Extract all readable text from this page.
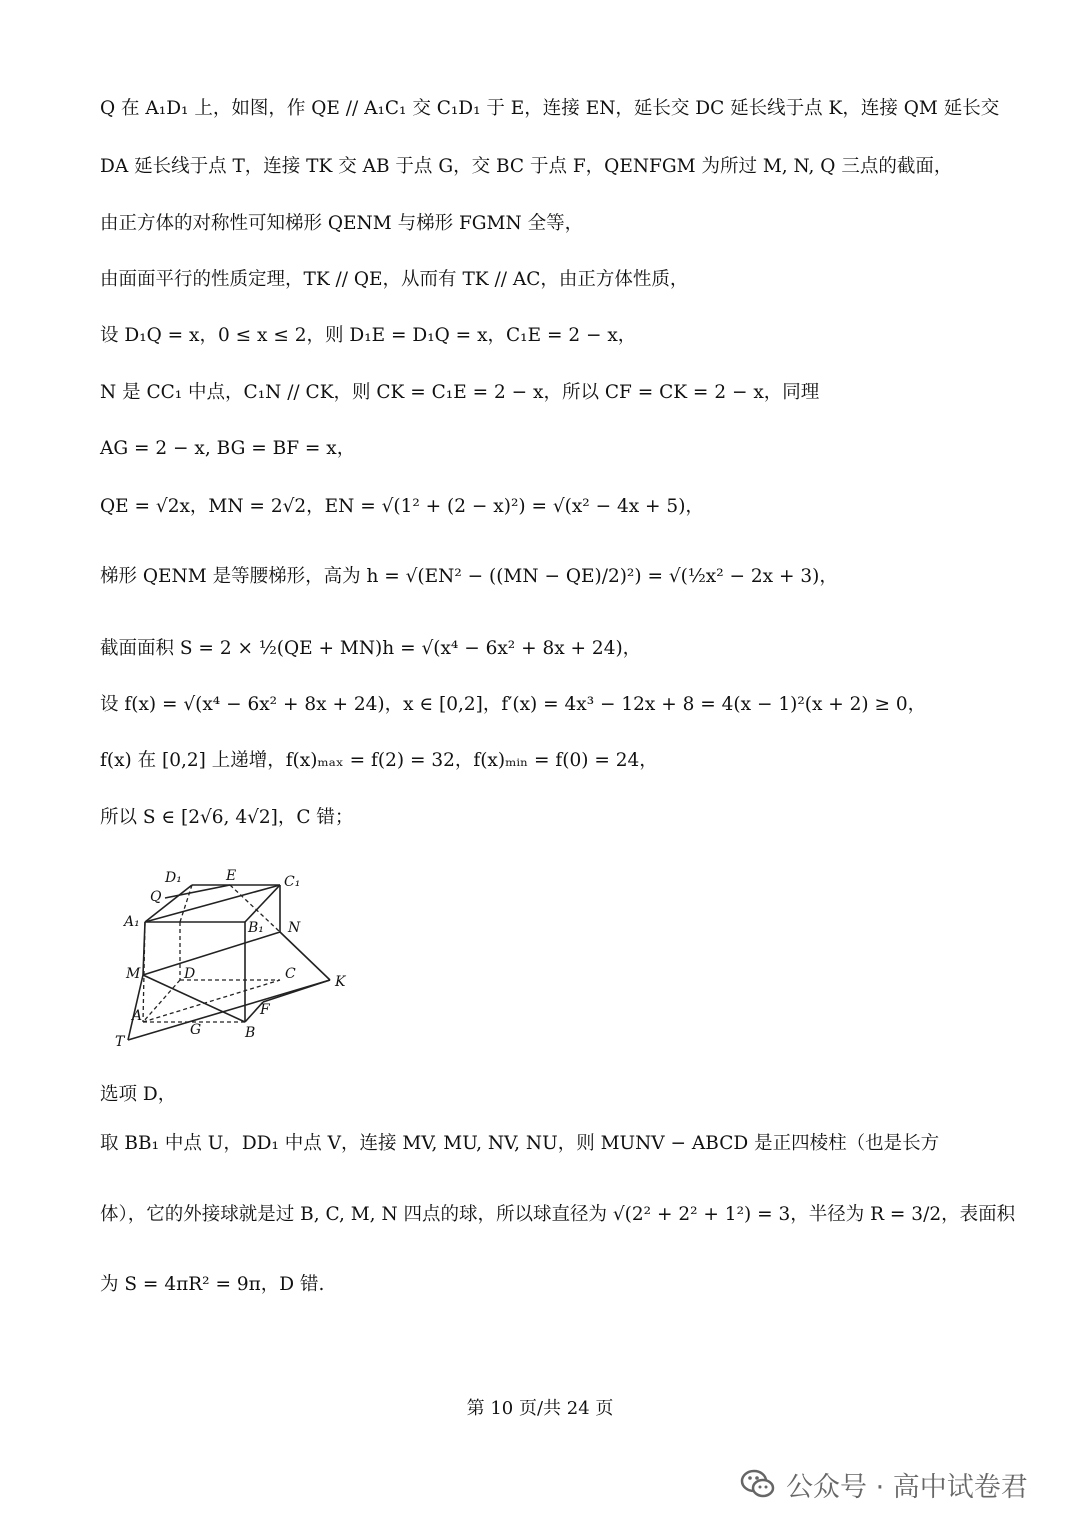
Q 在 A₁D₁ 上，如图，作 QE // A₁C₁ 交 C₁D₁ 于 E，连接 EN，延长交 DC 延长线于点 K，连接 QM 延长交
DA 延长线于点 T，连接 TK 交 AB 于点 G，交 BC 于点 F，QENFGM 为所过 M, N, Q 三点的截面，
由正方体的对称性可知梯形 QENM 与梯形 FGMN 全等，
由面面平行的性质定理，TK // QE，从而有 TK // AC，由正方体性质，
设 D₁Q = x，0 ≤ x ≤ 2，则 D₁E = D₁Q = x，C₁E = 2 − x，
N 是 CC₁ 中点，C₁N // CK，则 CK = C₁E = 2 − x，所以 CF = CK = 2 − x，同理
AG = 2 − x, BG = BF = x，
QE = √2x，MN = 2√2，EN = √(1² + (2 − x)²) = √(x² − 4x + 5)，
梯形 QENM 是等腰梯形，高为 h = √(EN² − ((MN − QE)/2)²) = √(½x² − 2x + 3)，
截面面积 S = 2 × ½(QE + MN)h = √(x⁴ − 6x² + 8x + 24)，
设 f(x) = √(x⁴ − 6x² + 8x + 24)，x ∈ [0,2]，f′(x) = 4x³ − 12x + 8 = 4(x − 1)²(x + 2) ≥ 0，
f(x) 在 [0,2] 上递增，f(x)ₘₐₓ = f(2) = 32，f(x)ₘᵢₙ = f(0) = 24，
所以 S ∈ [2√6, 4√2]，C 错；
选项 D，
取 BB₁ 中点 U，DD₁ 中点 V，连接 MV, MU, NV, NU，则 MUNV − ABCD 是正四棱柱（也是长方
体），它的外接球就是过 B, C, M, N 四点的球，所以球直径为 √(2² + 2² + 1²) = 3，半径为 R = 3/2，表面积
为 S = 4πR² = 9π，D 错.
D₁	E	C₁
Q
A₁	B₁ N
M	D	C	K
F
A
B
G
T
第 10 页/共 24 页
公众号 · 高中试卷君
